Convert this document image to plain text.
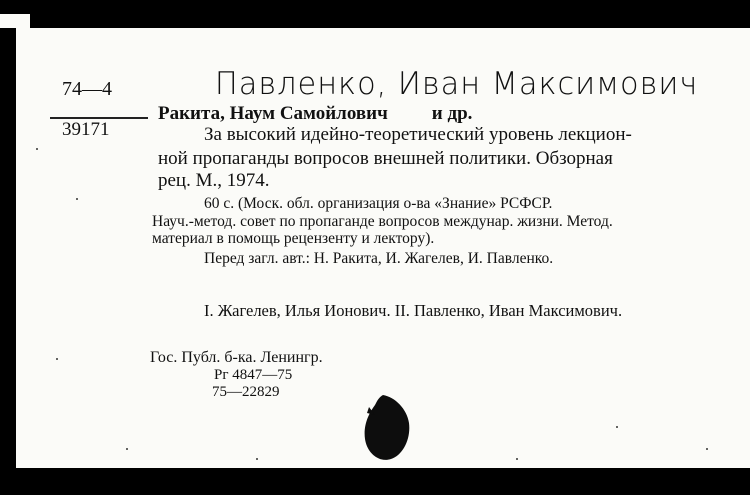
74—4
39171
Павленко, Иван Максимович
Ракита, Наум Самойлович и др.
За высокий идейно-теоретический уровень лекцион-
ной пропаганды вопросов внешней политики. Обзорная
рец. М., 1974.
60 с. (Моск. обл. организация о-ва «Знание» РСФСР.
Науч.-метод. совет по пропаганде вопросов междунар. жизни. Метод.
материал в помощь рецензенту и лектору).
Перед загл. авт.: Н. Ракита, И. Жагелев, И. Павленко.
I. Жагелев, Илья Ионович. II. Павленко, Иван Максимович.
Гос. Публ. б-ка. Ленингр.
Рг 4847—75
75—22829
